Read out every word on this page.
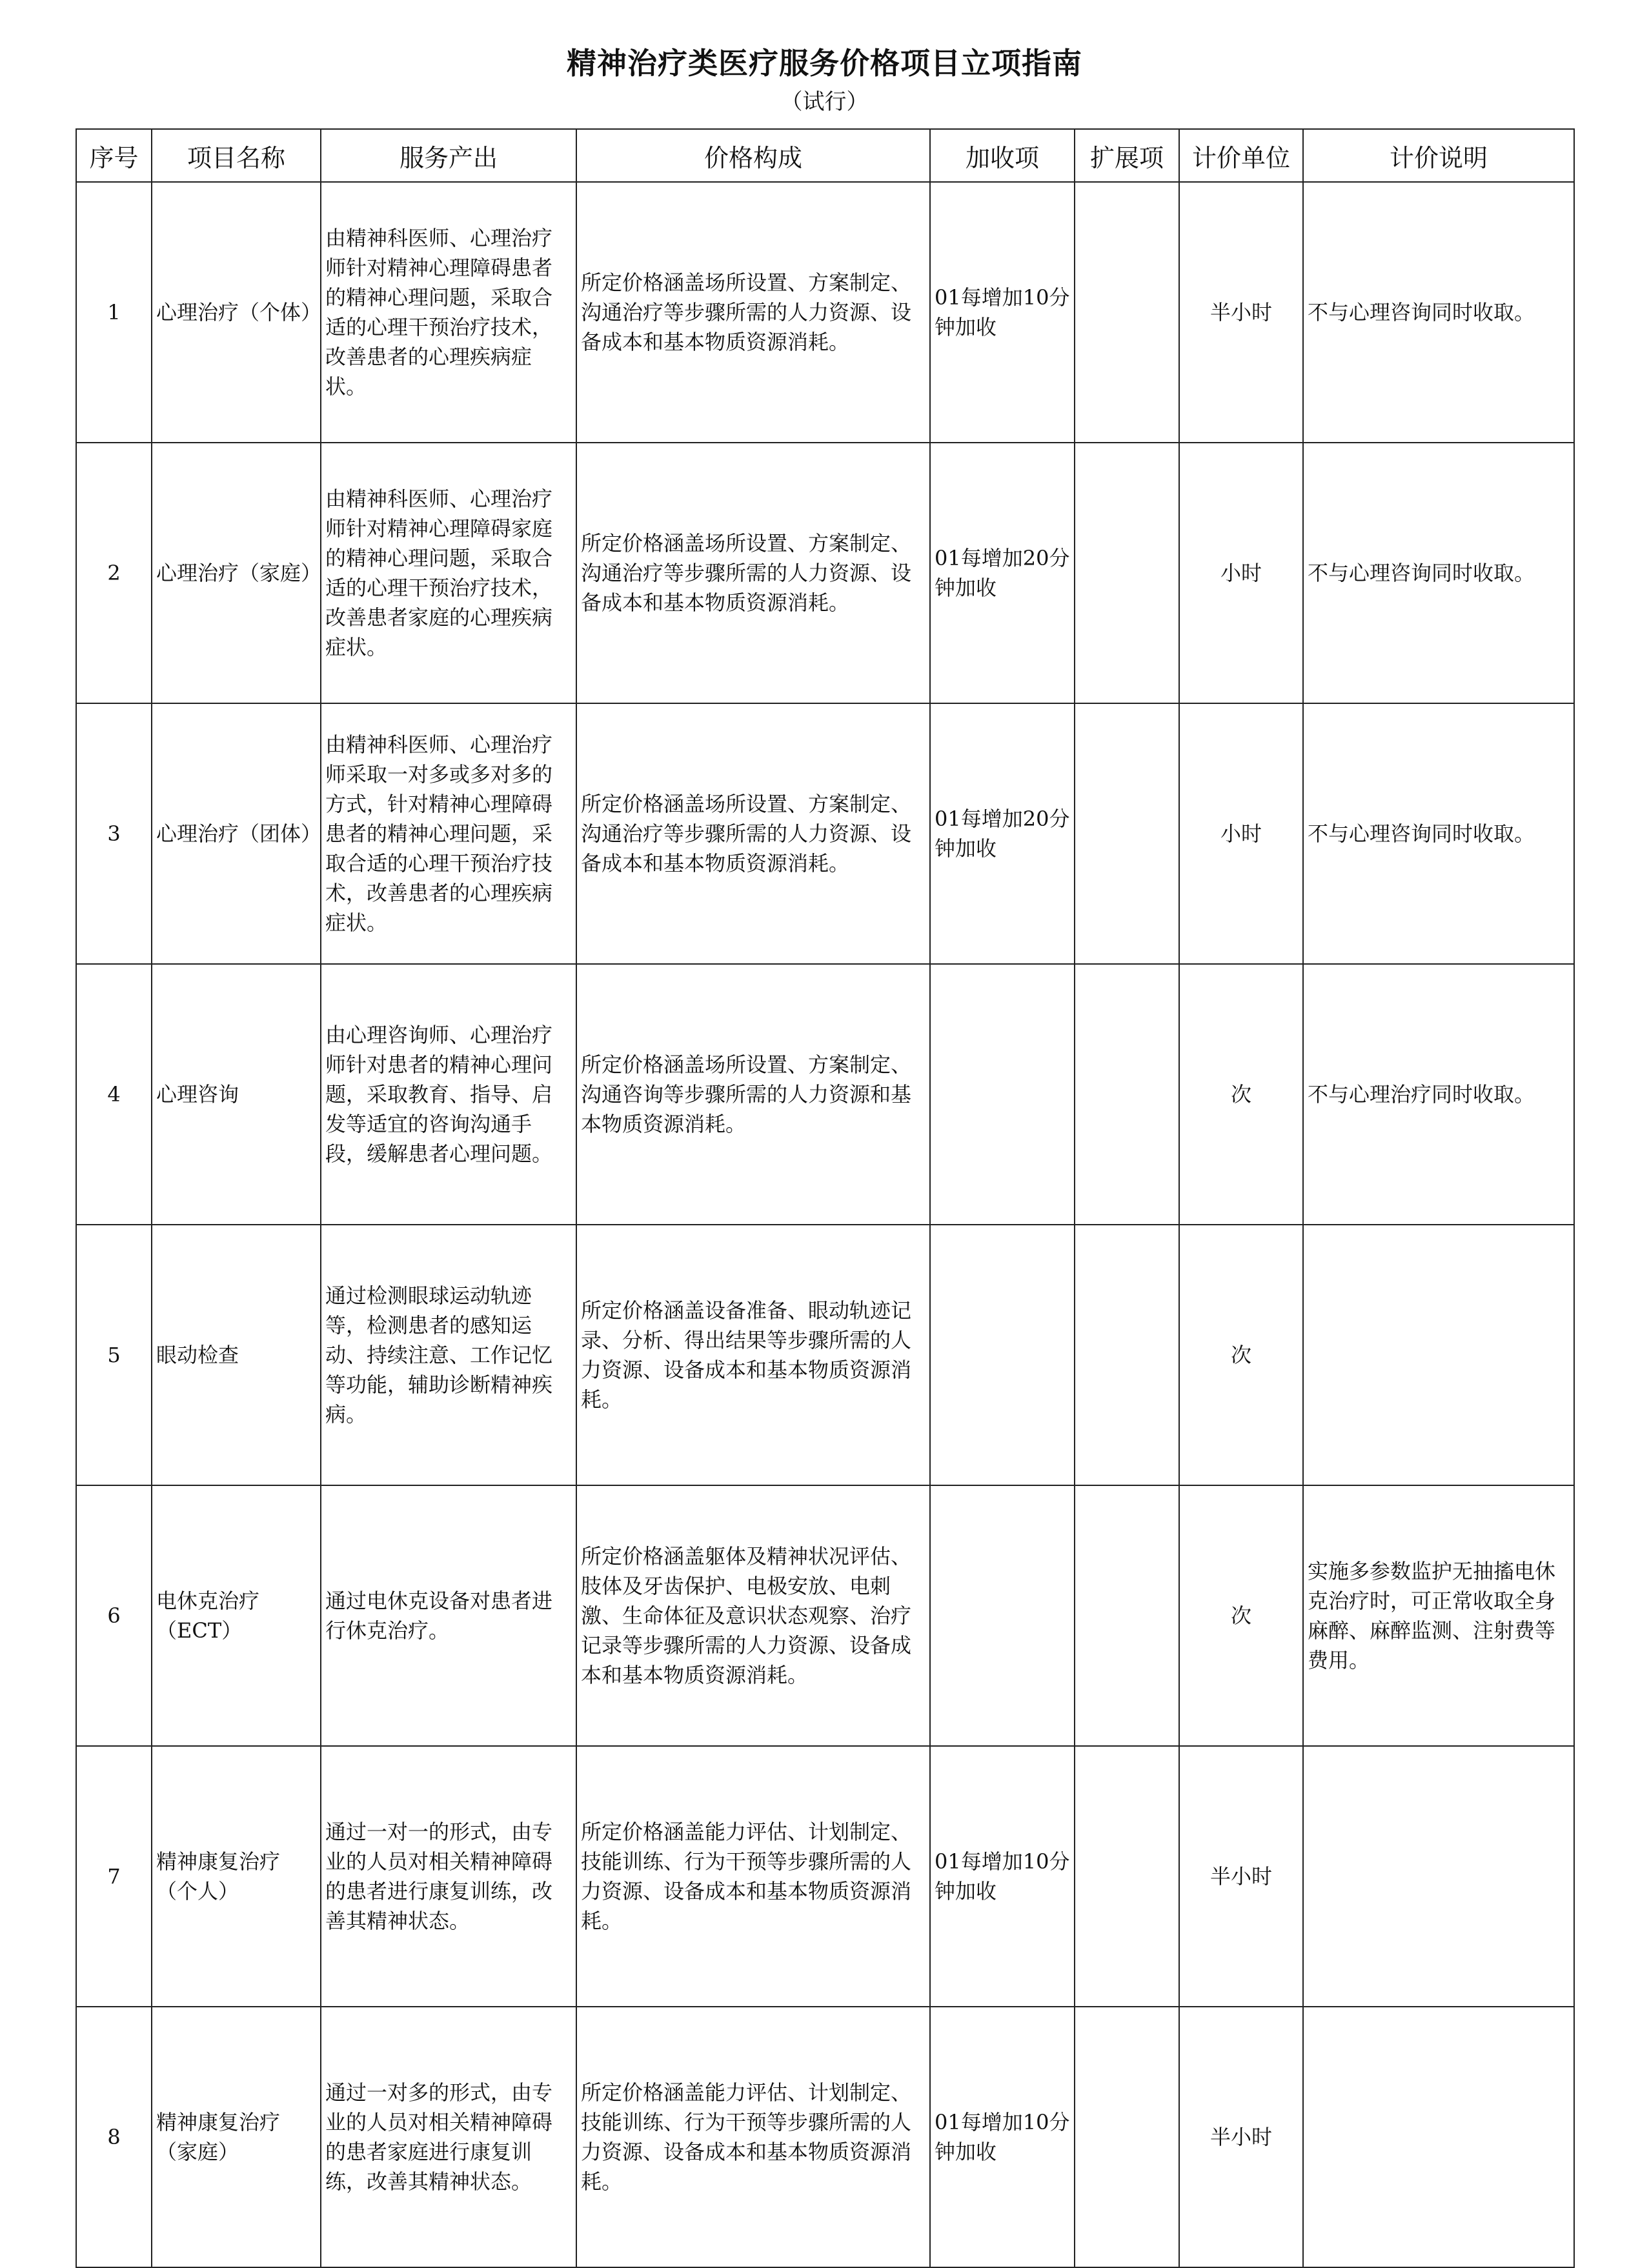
精神治疗类医疗服务价格项目立项指南
（试行）
序号	项目名称	服务产出	价格构成	加收项	扩展项	计价单位	计价说明
1	心理治疗（个体）	由精神科医师、心理治疗师针对精神心理障碍患者的精神心理问题，采取合适的心理干预治疗技术，改善患者的心理疾病症状。	所定价格涵盖场所设置、方案制定、沟通治疗等步骤所需的人力资源、设备成本和基本物质资源消耗。	01每增加10分钟加收		半小时	不与心理咨询同时收取。
2	心理治疗（家庭）	由精神科医师、心理治疗师针对精神心理障碍家庭的精神心理问题，采取合适的心理干预治疗技术，改善患者家庭的心理疾病症状。	所定价格涵盖场所设置、方案制定、沟通治疗等步骤所需的人力资源、设备成本和基本物质资源消耗。	01每增加20分钟加收		小时	不与心理咨询同时收取。
3	心理治疗（团体）	由精神科医师、心理治疗师采取一对多或多对多的方式，针对精神心理障碍患者的精神心理问题，采取合适的心理干预治疗技术，改善患者的心理疾病症状。	所定价格涵盖场所设置、方案制定、沟通治疗等步骤所需的人力资源、设备成本和基本物质资源消耗。	01每增加20分钟加收		小时	不与心理咨询同时收取。
4	心理咨询	由心理咨询师、心理治疗师针对患者的精神心理问题，采取教育、指导、启发等适宜的咨询沟通手段，缓解患者心理问题。	所定价格涵盖场所设置、方案制定、沟通咨询等步骤所需的人力资源和基本物质资源消耗。			次	不与心理治疗同时收取。
5	眼动检查	通过检测眼球运动轨迹等，检测患者的感知运动、持续注意、工作记忆等功能，辅助诊断精神疾病。	所定价格涵盖设备准备、眼动轨迹记录、分析、得出结果等步骤所需的人力资源、设备成本和基本物质资源消耗。			次	
6	电休克治疗（ECT）	通过电休克设备对患者进行休克治疗。	所定价格涵盖躯体及精神状况评估、肢体及牙齿保护、电极安放、电刺激、生命体征及意识状态观察、治疗记录等步骤所需的人力资源、设备成本和基本物质资源消耗。			次	实施多参数监护无抽搐电休克治疗时，可正常收取全身麻醉、麻醉监测、注射费等费用。
7	精神康复治疗（个人）	通过一对一的形式，由专业的人员对相关精神障碍的患者进行康复训练，改善其精神状态。	所定价格涵盖能力评估、计划制定、技能训练、行为干预等步骤所需的人力资源、设备成本和基本物质资源消耗。	01每增加10分钟加收		半小时	
8	精神康复治疗（家庭）	通过一对多的形式，由专业的人员对相关精神障碍的患者家庭进行康复训练，改善其精神状态。	所定价格涵盖能力评估、计划制定、技能训练、行为干预等步骤所需的人力资源、设备成本和基本物质资源消耗。	01每增加10分钟加收		半小时	
